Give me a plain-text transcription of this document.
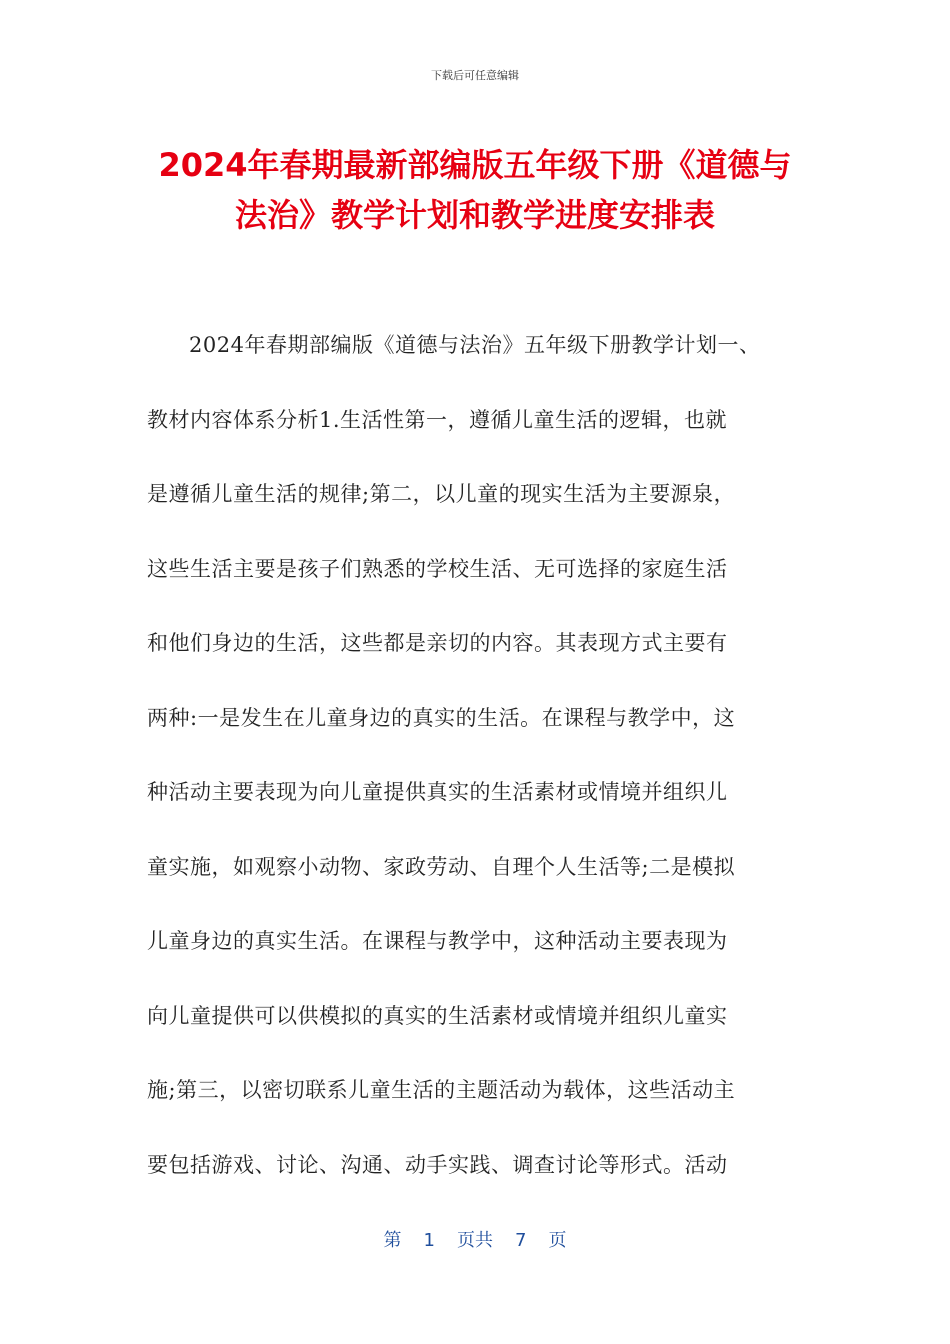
下载后可任意编辑
2024年春期最新部编版五年级下册《道德与
法治》教学计划和教学进度安排表
2024年春期部编版《道德与法治》五年级下册教学计划一、
教材内容体系分析1.生活性第一，遵循儿童生活的逻辑，也就
是遵循儿童生活的规律;第二，以儿童的现实生活为主要源泉，
这些生活主要是孩子们熟悉的学校生活、无可选择的家庭生活
和他们身边的生活，这些都是亲切的内容。其表现方式主要有
两种:一是发生在儿童身边的真实的生活。在课程与教学中，这
种活动主要表现为向儿童提供真实的生活素材或情境并组织儿
童实施，如观察小动物、家政劳动、自理个人生活等;二是模拟
儿童身边的真实生活。在课程与教学中，这种活动主要表现为
向儿童提供可以供模拟的真实的生活素材或情境并组织儿童实
施;第三，以密切联系儿童生活的主题活动为载体，这些活动主
要包括游戏、讨论、沟通、动手实践、调查讨论等形式。活动
第 1 页共 7 页
